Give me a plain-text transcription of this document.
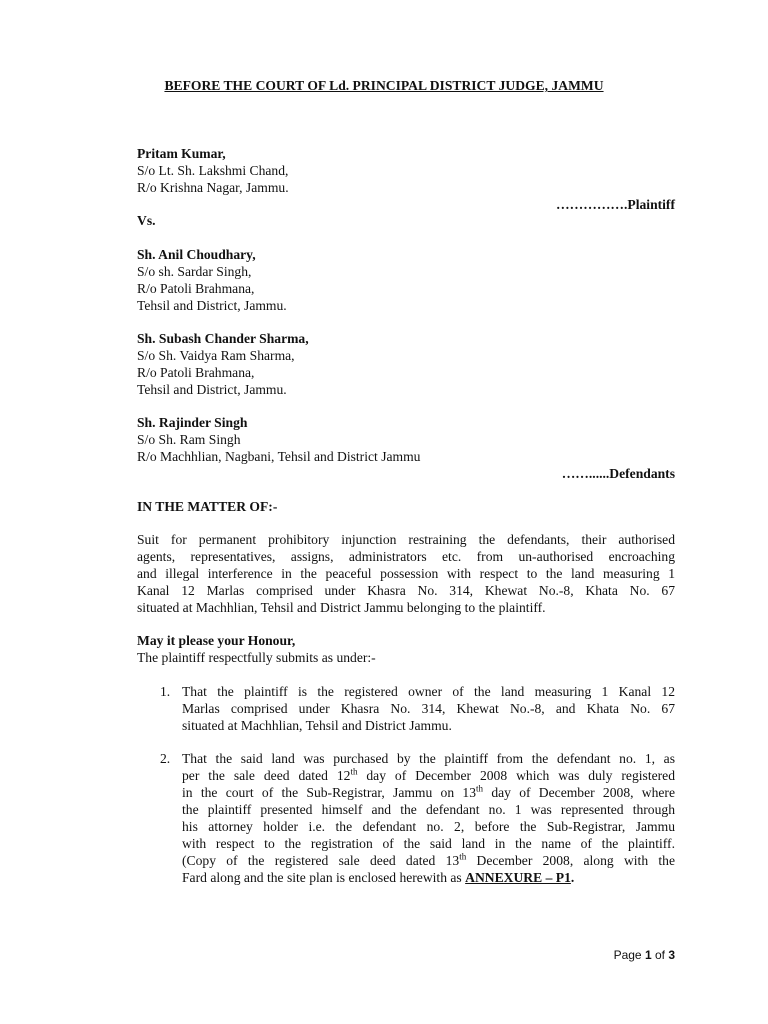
BEFORE THE COURT OF Ld. PRINCIPAL DISTRICT JUDGE, JAMMU
Pritam Kumar,
S/o Lt. Sh. Lakshmi Chand,
R/o Krishna Nagar, Jammu.
…………….Plaintiff
Vs.
Sh. Anil Choudhary,
S/o sh. Sardar Singh,
R/o Patoli Brahmana,
Tehsil and District, Jammu.
Sh. Subash Chander Sharma,
S/o Sh. Vaidya Ram Sharma,
R/o Patoli Brahmana,
Tehsil and District, Jammu.
Sh. Rajinder Singh
S/o Sh. Ram Singh
R/o Machhlian, Nagbani, Tehsil and District Jammu
……......Defendants
IN THE MATTER OF:-
Suit for permanent prohibitory injunction restraining the defendants, their authorised
agents, representatives, assigns, administrators etc. from un-authorised encroaching
and illegal interference in the peaceful possession with respect to the land measuring 1
Kanal 12 Marlas comprised under Khasra No. 314, Khewat No.-8, Khata No. 67
situated at Machhlian, Tehsil and District Jammu belonging to the plaintiff.
May it please your Honour,
The plaintiff respectfully submits as under:-
1. That the plaintiff is the registered owner of the land measuring 1 Kanal 12
Marlas comprised under Khasra No. 314, Khewat No.-8, and Khata No. 67
situated at Machhlian, Tehsil and District Jammu.
2. That the said land was purchased by the plaintiff from the defendant no. 1, as
per the sale deed dated 12th day of December 2008 which was duly registered
in the court of the Sub-Registrar, Jammu on 13th day of December 2008, where
the plaintiff presented himself and the defendant no. 1 was represented through
his attorney holder i.e. the defendant no. 2, before the Sub-Registrar, Jammu
with respect to the registration of the said land in the name of the plaintiff.
(Copy of the registered sale deed dated 13th December 2008, along with the
Fard along and the site plan is enclosed herewith as ANNEXURE – P1.
Page 1 of 3
